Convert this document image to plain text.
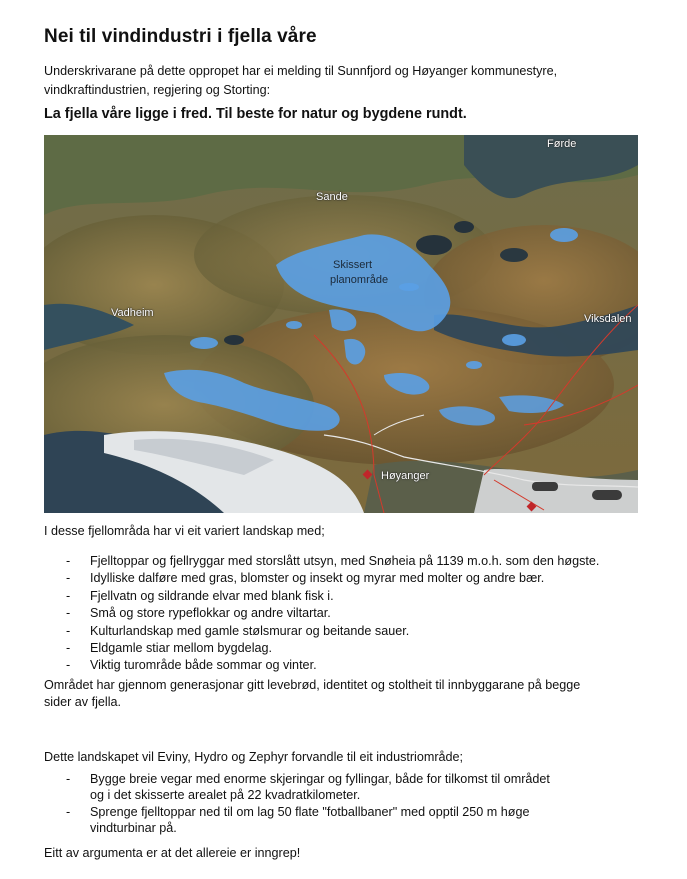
Nei til vindindustri i fjella våre

Underskrivarane på dette oppropet har ei melding til Sunnfjord og Høyanger kommunestyre,
vindkraftindustrien, regjering og Storting:

La fjella våre ligge i fred. Til beste for natur og bygdene rundt.

Førde
Sande
Skissert
planområde
Vadheim	Viksdalen
Høyanger

I desse fjellområda har vi eit variert landskap med;

- Fjelltoppar og fjellryggar med storslått utsyn, med Snøheia på 1139 m.o.h. som den høgste.
- Idylliske dalføre med gras, blomster og insekt og myrar med molter og andre bær.
- Fjellvatn og sildrande elvar med blank fisk i.
- Små og store rypeflokkar og andre viltartar.
- Kulturlandskap med gamle stølsmurar og beitande sauer.
- Eldgamle stiar mellom bygdelag.
- Viktig turområde både sommar og vinter.

Området har gjennom generasjonar gitt levebrød, identitet og stoltheit til innbyggarane på begge
sider av fjella.

Dette landskapet vil Eviny, Hydro og Zephyr forvandle til eit industriområde;

- Bygge breie vegar med enorme skjeringar og fyllingar, både for tilkomst til området
og i det skisserte arealet på 22 kvadratkilometer.
- Sprenge fjelltoppar ned til om lag 50 flate "fotballbaner" med opptil 250 m høge
vindturbinar på.

Eitt av argumenta er at det allereie er inngrep!
